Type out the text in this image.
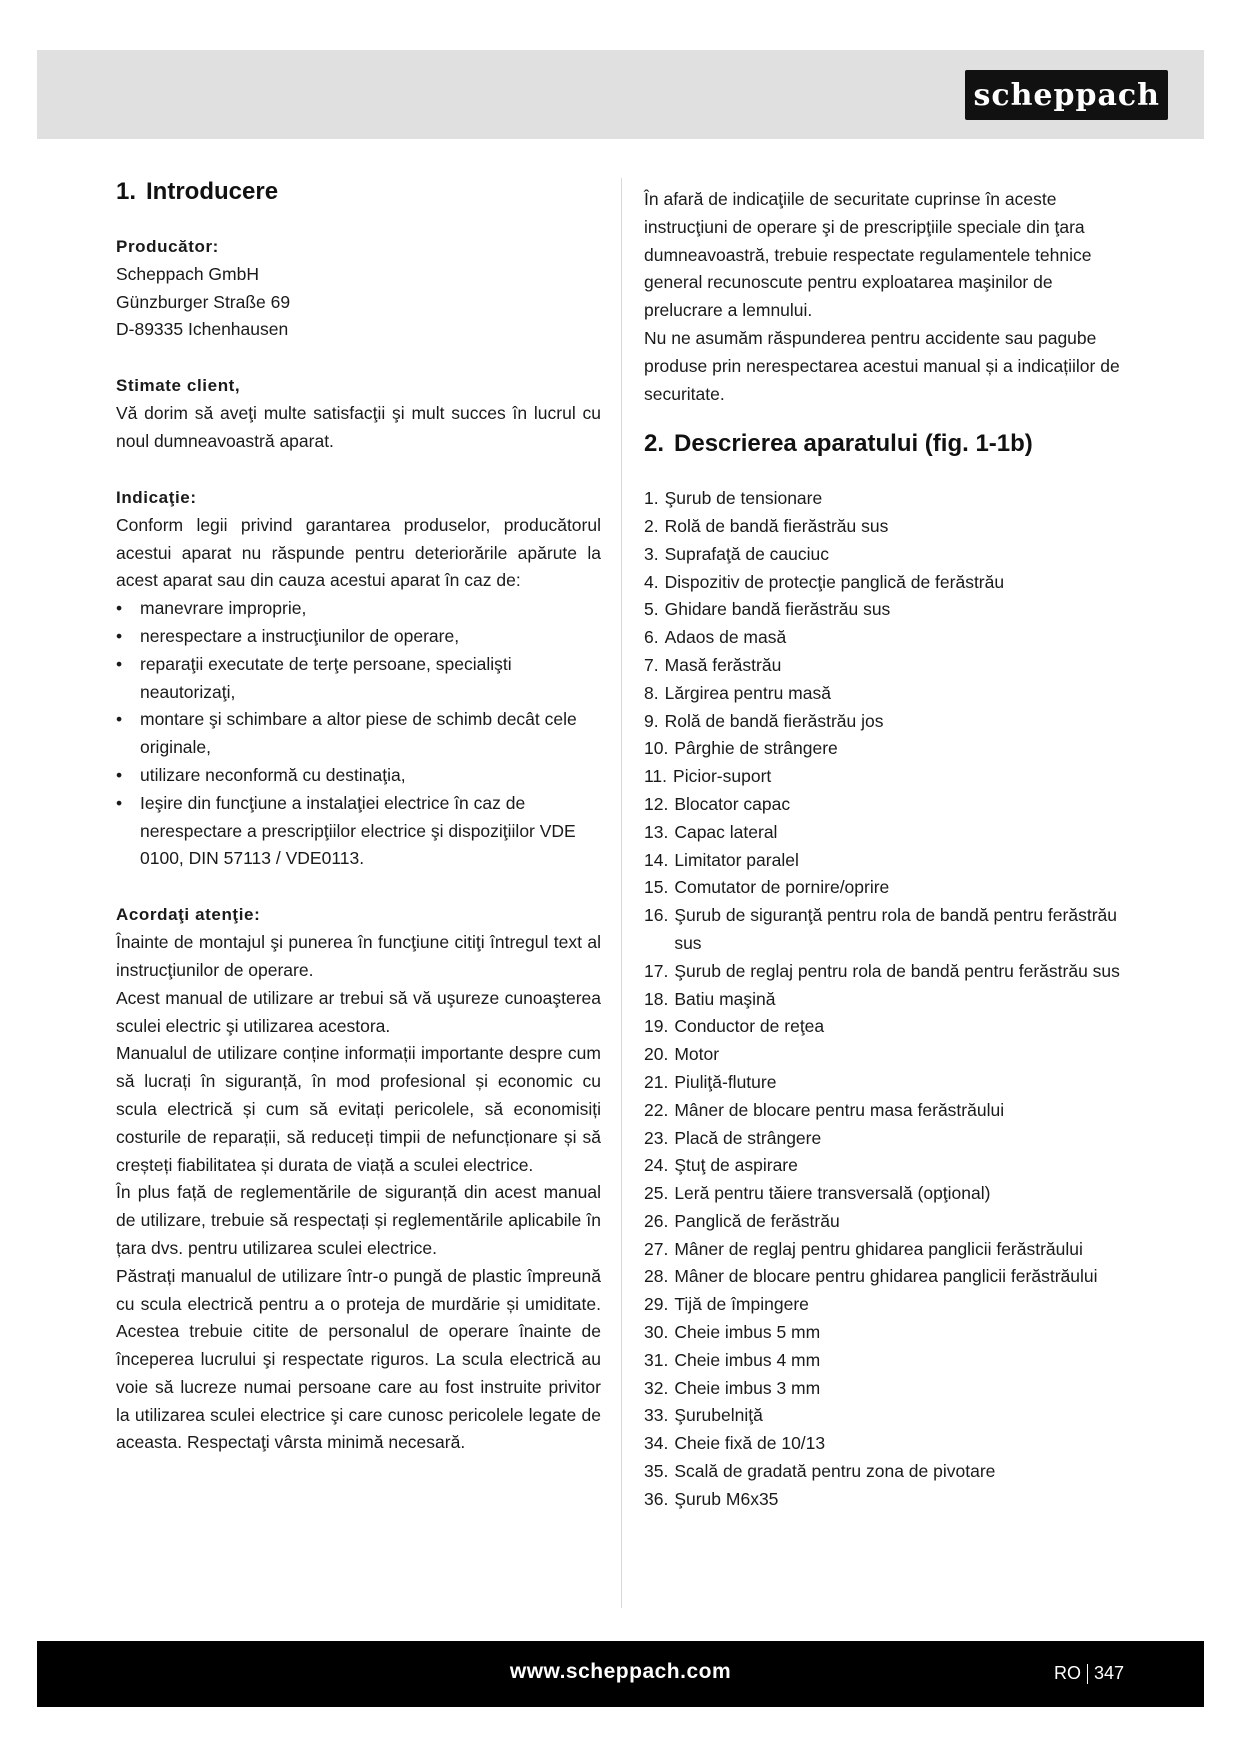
scheppach
1. Introducere
Producător:

Scheppach GmbH

Günzburger Straße 69

D-89335 Ichenhausen

Stimate client,

Vă dorim să aveţi multe satisfacţii şi mult succes în lucrul cu noul dumneavoastră aparat.

Indicaţie:

Conform legii privind garantarea produselor, producătorul acestui aparat nu răspunde pentru deteriorările apărute la acest aparat sau din cauza acestui aparat în caz de:

• manevrare improprie,
• nerespectare a instrucţiunilor de operare,
• reparaţii executate de terţe persoane, specialişti neautorizaţi,
• montare şi schimbare a altor piese de schimb decât cele originale,
• utilizare neconformă cu destinaţia,
• Ieşire din funcţiune a instalaţiei electrice în caz de nerespectare a prescripţiilor electrice şi dispoziţiilor VDE 0100, DIN 57113 / VDE0113.
Acordaţi atenţie:

Înainte de montajul şi punerea în funcţiune citiţi întregul text al instrucţiunilor de operare.

Acest manual de utilizare ar trebui să vă uşureze cunoaşterea sculei electric şi utilizarea acestora.

Manualul de utilizare conține informații importante despre cum să lucrați în siguranță, în mod profesional și economic cu scula electrică și cum să evitați pericolele, să economisiți costurile de reparații, să reduceți timpii de nefuncționare și să creșteți fiabilitatea și durata de viață a sculei electrice.

În plus față de reglementările de siguranță din acest manual de utilizare, trebuie să respectați și reglementările aplicabile în țara dvs. pentru utilizarea sculei electrice.

Păstrați manualul de utilizare într-o pungă de plastic împreună cu scula electrică pentru a o proteja de murdărie și umiditate. Acestea trebuie citite de personalul de operare înainte de începerea lucrului şi respectate riguros. La scula electrică au voie să lucreze numai persoane care au fost instruite privitor la utilizarea sculei electrice şi care cunosc pericolele legate de aceasta. Respectaţi vârsta minimă necesară.

În afară de indicaţiile de securitate cuprinse în aceste instrucţiuni de operare şi de prescripţiile speciale din ţara dumneavoastră, trebuie respectate regulamentele tehnice general recunoscute pentru exploatarea maşinilor de prelucrare a lemnului.

Nu ne asumăm răspunderea pentru accidente sau pagube produse prin nerespectarea acestui manual și a indicațiilor de securitate.

2. Descrierea aparatului (fig. 1-1b)
1. Şurub de tensionare
2. Rolă de bandă fierăstrău sus
3. Suprafaţă de cauciuc
4. Dispozitiv de protecţie panglică de ferăstrău
5. Ghidare bandă fierăstrău sus
6. Adaos de masă
7. Masă ferăstrău
8. Lărgirea pentru masă
9. Rolă de bandă fierăstrău jos
10. Pârghie de strângere
11. Picior-suport
12. Blocator capac
13. Capac lateral
14. Limitator paralel
15. Comutator de pornire/oprire
16. Şurub de siguranţă pentru rola de bandă pentru ferăstrău sus
17. Şurub de reglaj pentru rola de bandă pentru ferăstrău sus
18. Batiu maşină
19. Conductor de reţea
20. Motor
21. Piuliţă-fluture
22. Mâner de blocare pentru masa ferăstrăului
23. Placă de strângere
24. Ştuţ de aspirare
25. Leră pentru tăiere transversală (opţional)
26. Panglică de ferăstrău
27. Mâner de reglaj pentru ghidarea panglicii ferăstrăului
28. Mâner de blocare pentru ghidarea panglicii ferăstrăului
29. Tijă de împingere
30. Cheie imbus 5 mm
31. Cheie imbus 4 mm
32. Cheie imbus 3 mm
33. Şurubelniţă
34. Cheie fixă de 10/13
35. Scală de gradată pentru zona de pivotare
36. Şurub M6x35
www.scheppach.com	RO 347
